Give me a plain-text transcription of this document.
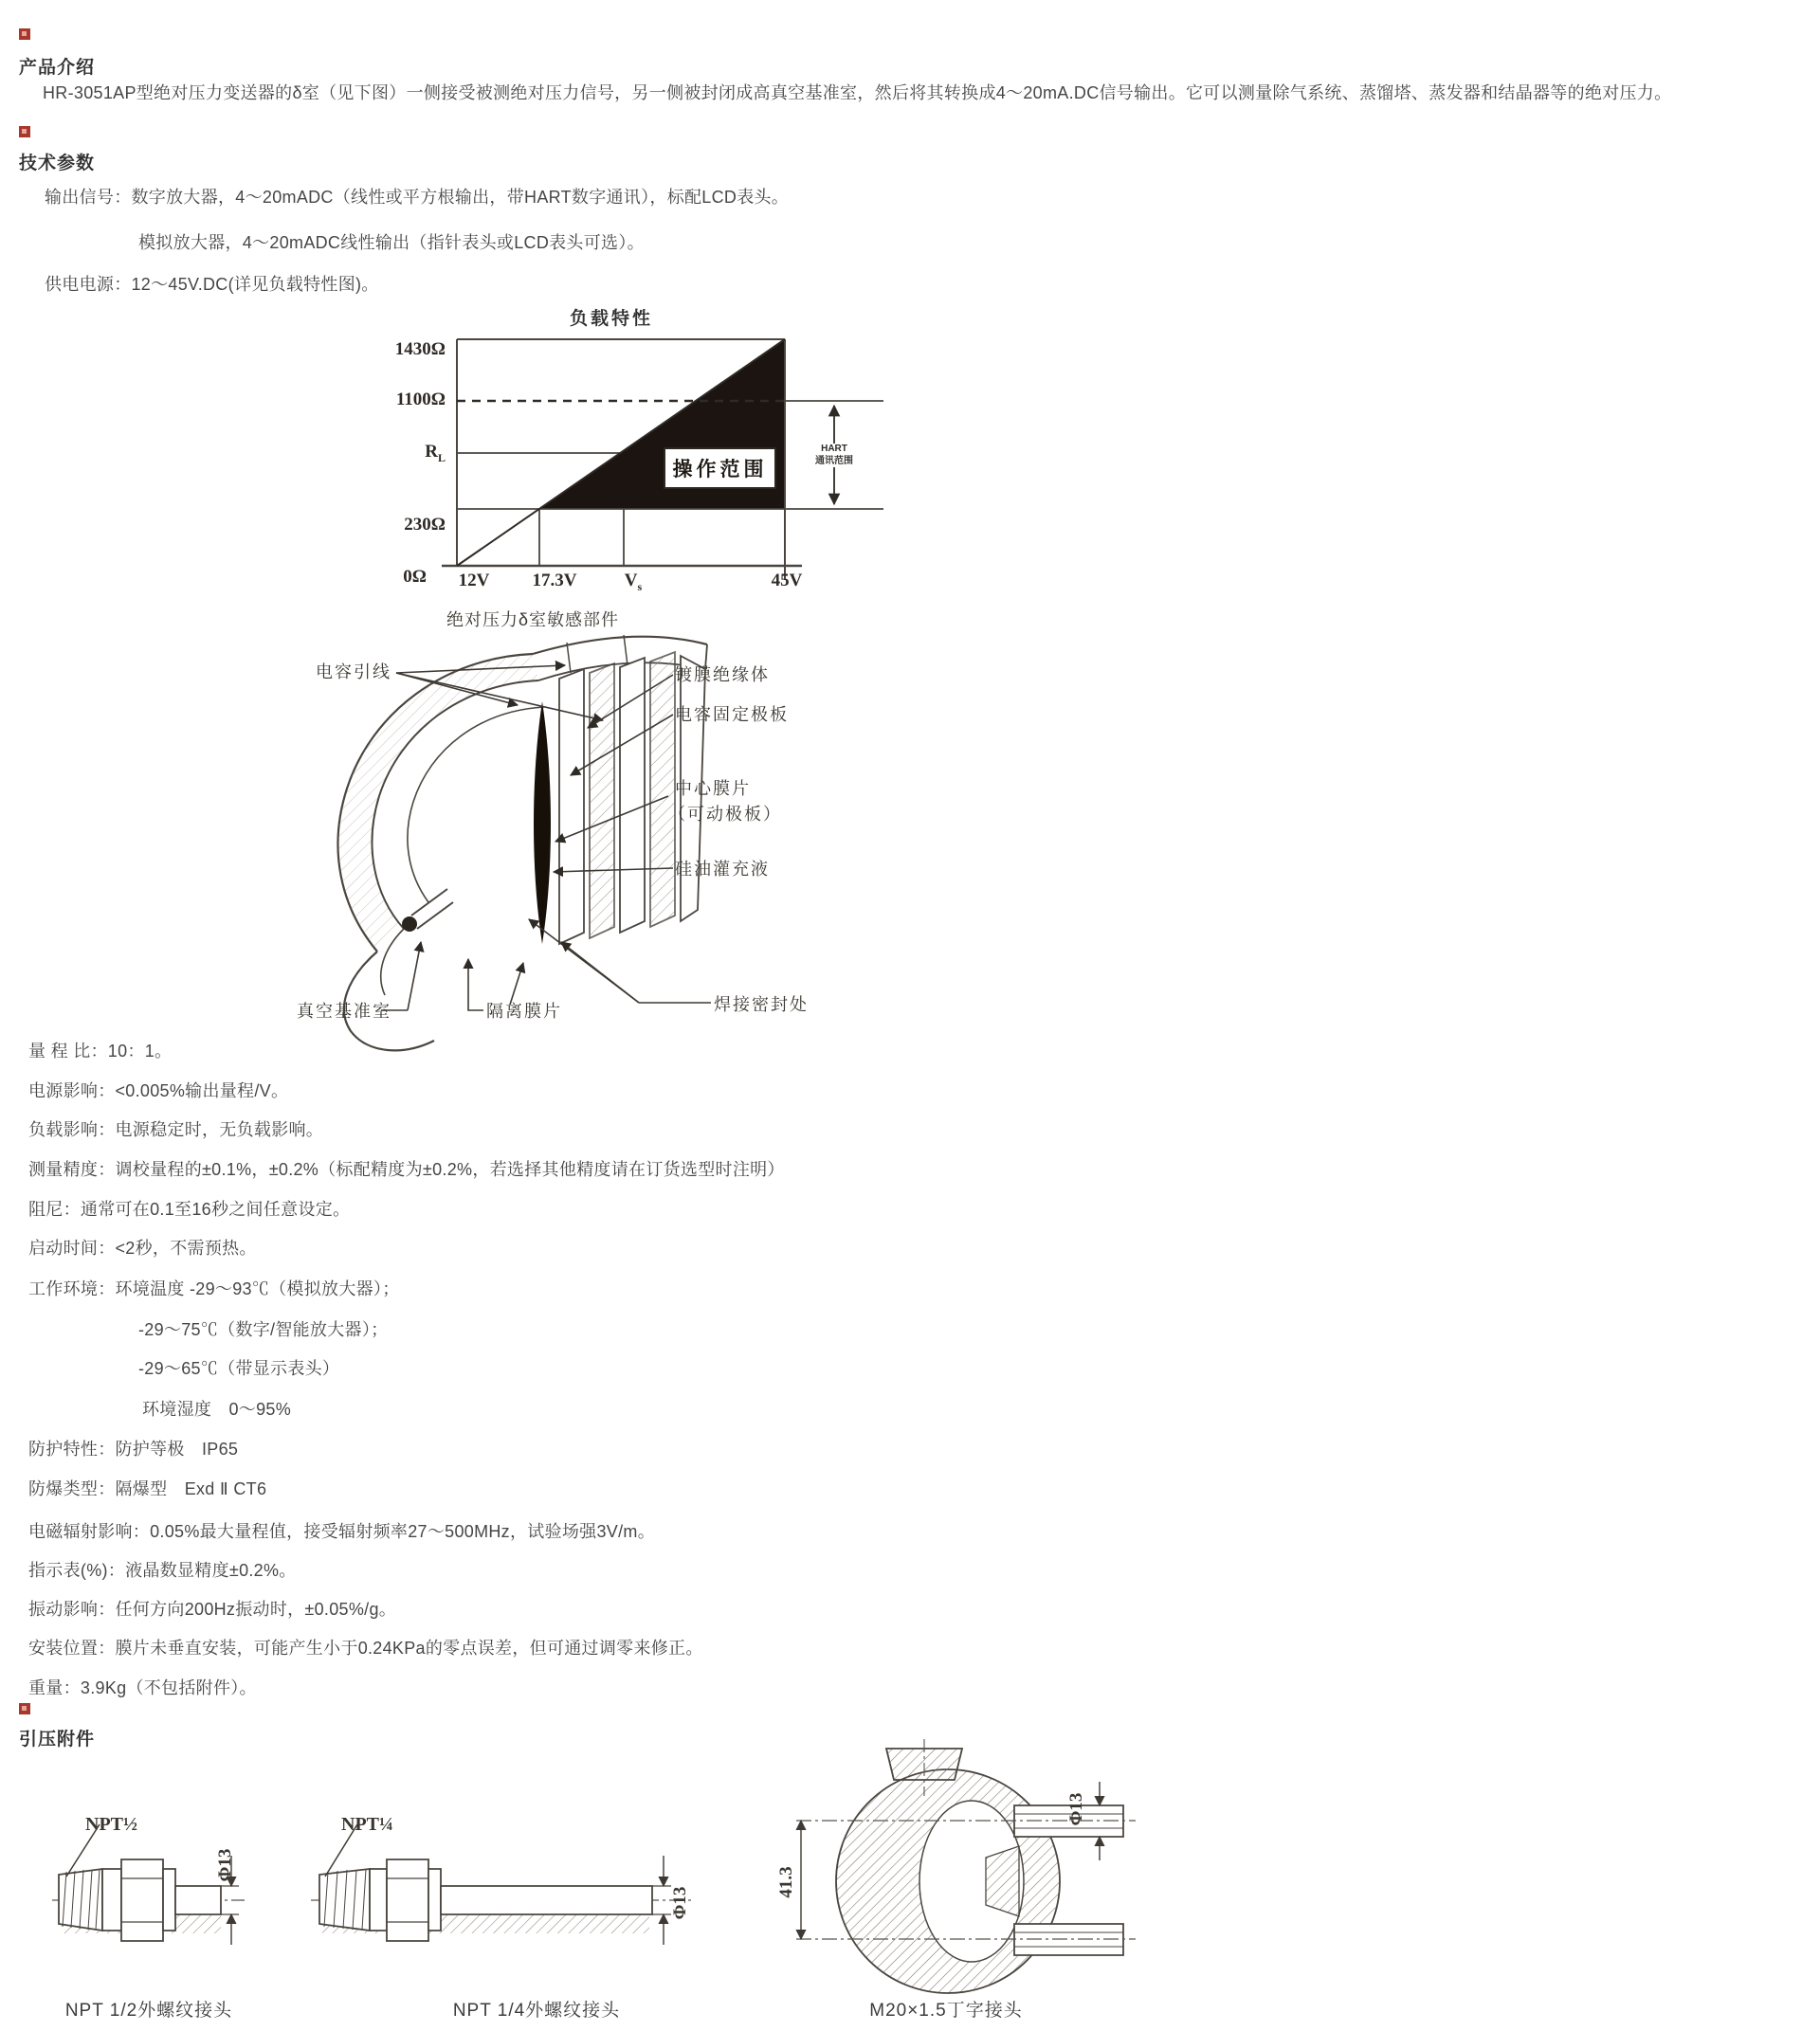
产品介绍
HR-3051AP型绝对压力变送器的δ室（见下图）一侧接受被测绝对压力信号，另一侧被封闭成高真空基准室，然后将其转换成4～20mA.DC信号输出。它可以测量除气系统、蒸馏塔、蒸发器和结晶器等的绝对压力。
技术参数
输出信号：数字放大器，4～20mADC（线性或平方根输出，带HART数字通讯），标配LCD表头。
模拟放大器，4～20mADC线性输出（指针表头或LCD表头可选）。
供电电源：12～45V.DC(详见负载特性图)。
负载特性
1430Ω
1100Ω
$R_L$
230Ω
0Ω	12V	17.3V	$V_s$	45V
操作范围
HART
通讯范围
绝对压力δ室敏感部件
电容引线	镀膜绝缘体
电容固定极板
中心膜片
（可动极板）
硅油灌充液
真空基准室	隔离膜片	焊接密封处
量 程 比：10：1。
电源影响：<0.005%输出量程/V。
负载影响：电源稳定时，无负载影响。
测量精度：调校量程的±0.1%，±0.2%（标配精度为±0.2%，若选择其他精度请在订货选型时注明）
阻尼：通常可在0.1至16秒之间任意设定。
启动时间：<2秒，不需预热。
工作环境：环境温度 -29～93℃（模拟放大器）；
-29～75℃（数字/智能放大器）；
-29～65℃（带显示表头）
环境湿度　0～95%
防护特性：防护等极　IP65
防爆类型：隔爆型　Exd Ⅱ CT6
电磁辐射影响：0.05%最大量程值，接受辐射频率27～500MHz，试验场强3V/m。
指示表(%)：液晶数显精度±0.2%。
振动影响：任何方向200Hz振动时，±0.05%/g。
安装位置：膜片未垂直安装，可能产生小于0.24KPa的零点误差，但可通过调零来修正。
重量：3.9Kg（不包括附件）。
引压附件
NPT½	NPT¼
Φ13
Φ13
41.3
Φ13
NPT 1/2外螺纹接头	NPT 1/4外螺纹接头	M20×1.5丁字接头
